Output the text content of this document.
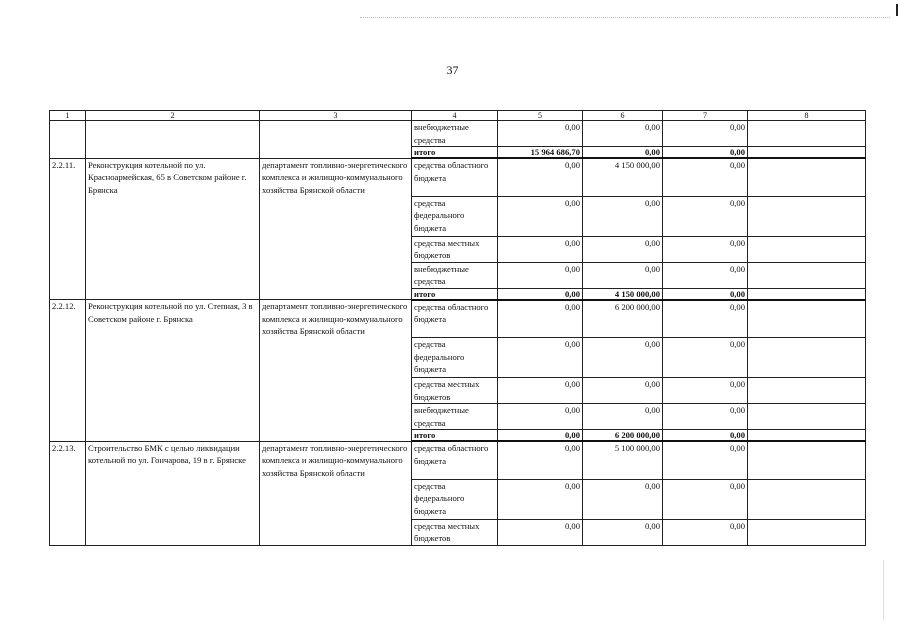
37
1	2	3	4	5	6	7	8
			внебюджетные средства	0,00	0,00	0,00	
			итого	15 964 686,70	0,00	0,00	
2.2.11.	Реконструкция котельной по ул. Красноармейская, 65 в Советском районе г. Брянска	департамент топливно-энергетического комплекса и жилищно-коммунального хозяйства Брянской области	средства областного бюджета	0,00	4 150 000,00	0,00	
			средства федерального бюджета	0,00	0,00	0,00	
			средства местных бюджетов	0,00	0,00	0,00	
			внебюджетные средства	0,00	0,00	0,00	
			итого	0,00	4 150 000,00	0,00	
2.2.12.	Реконструкция котельной по ул. Степная, 3 в Советском районе г. Брянска	департамент топливно-энергетического комплекса и жилищно-коммунального хозяйства Брянской области	средства областного бюджета	0,00	6 200 000,00	0,00	
			средства федерального бюджета	0,00	0,00	0,00	
			средства местных бюджетов	0,00	0,00	0,00	
			внебюджетные средства	0,00	0,00	0,00	
			итого	0,00	6 200 000,00	0,00	
2.2.13.	Строительство БМК с целью ликвидации котельной по ул. Гончарова, 19 в г. Брянске	департамент топливно-энергетического комплекса и жилищно-коммунального хозяйства Брянской области	средства областного бюджета	0,00	5 100 000,00	0,00	
			средства федерального бюджета	0,00	0,00	0,00	
			средства местных бюджетов	0,00	0,00	0,00	
